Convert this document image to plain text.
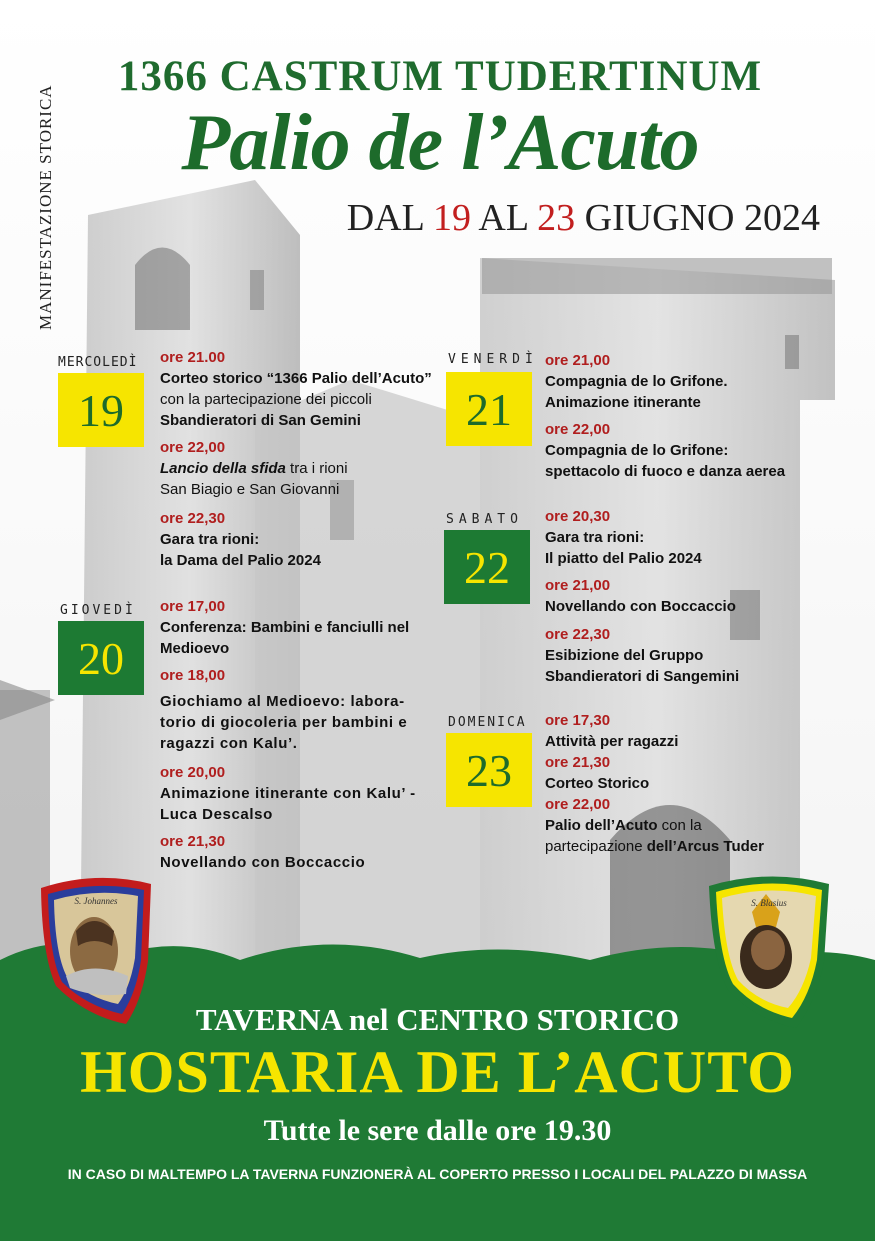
MANIFESTAZIONE STORICA
1366 CASTRUM TUDERTINUM
Palio de l’Acuto
DAL 19 AL 23 GIUGNO 2024
MERCOLEDÌ
19
ore 21.00
Corteo storico “1366 Palio dell’Acuto”
con la partecipazione dei piccoli
Sbandieratori di San Gemini
ore 22,00
Lancio della sfida tra i rioni
San Biagio e San Giovanni
ore 22,30
Gara tra rioni:
la Dama del Palio 2024
GIOVEDÌ
20
ore 17,00
Conferenza: Bambini e fanciulli nel
Medioevo
ore 18,00
Giochiamo al Medioevo: labora-
torio di giocoleria per bambini e
ragazzi con Kalu’.
ore 20,00
Animazione itinerante con Kalu’ -
Luca Descalso
ore 21,30
Novellando con Boccaccio
VENERDÌ
21
ore 21,00
Compagnia de lo Grifone.
Animazione itinerante
ore 22,00
Compagnia de lo Grifone:
spettacolo di fuoco e danza aerea
SABATO
22
ore 20,30
Gara tra rioni:
Il piatto del Palio 2024
ore 21,00
Novellando con Boccaccio
ore 22,30
Esibizione del Gruppo
Sbandieratori di Sangemini
DOMENICA
23
ore 17,30
Attività per ragazzi
ore 21,30
Corteo Storico
ore 22,00
Palio dell’Acuto con la
partecipazione dell’Arcus Tuder
S. Johannes	S. Blasius
TAVERNA nel CENTRO STORICO
HOSTARIA DE L’ACUTO
Tutte le sere dalle ore 19.30
IN CASO DI MALTEMPO LA TAVERNA FUNZIONERÀ AL COPERTO PRESSO I LOCALI DEL PALAZZO DI MASSA
